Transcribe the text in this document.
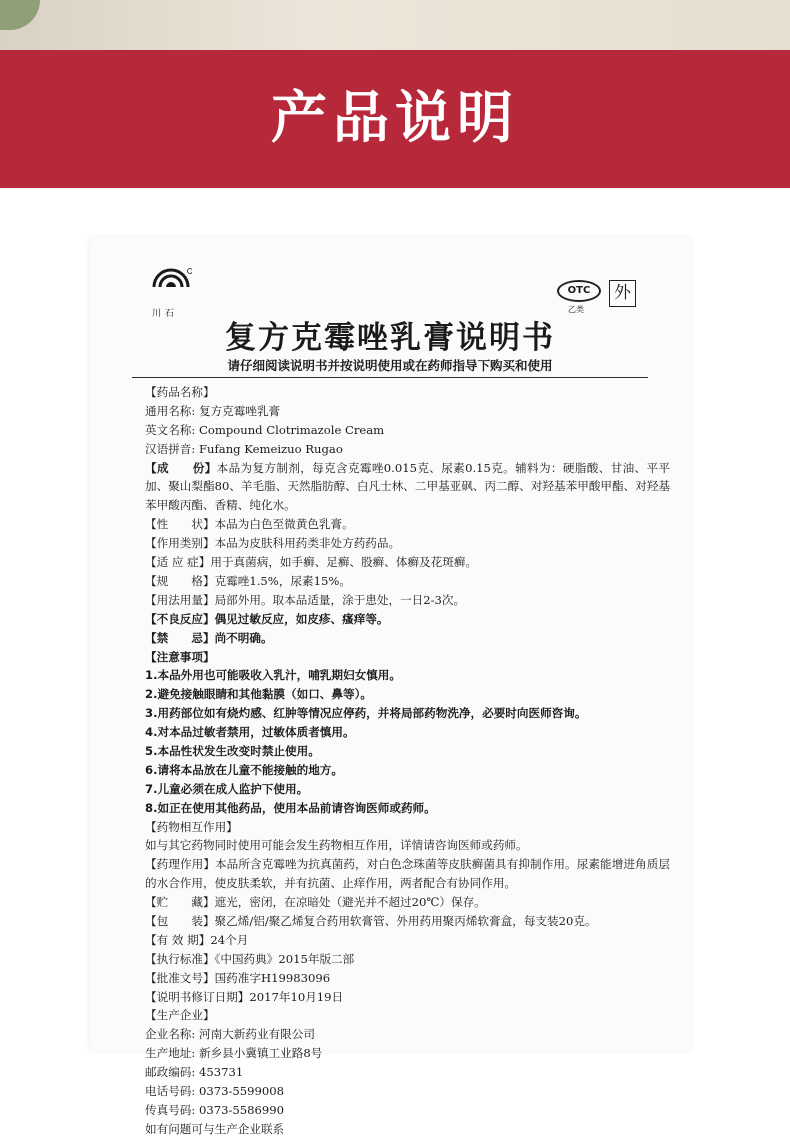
产品说明
川石
OTC
乙类
外
复方克霉唑乳膏说明书
请仔细阅读说明书并按说明使用或在药师指导下购买和使用
【药品名称】
通用名称: 复方克霉唑乳膏
英文名称: Compound Clotrimazole Cream
汉语拼音: Fufang Kemeizuo Rugao
【成　　份】本品为复方制剂，每克含克霉唑0.015克、尿素0.15克。辅料为：硬脂酸、甘油、平平加、聚山梨酯80、羊毛脂、天然脂肪醇、白凡士林、二甲基亚砜、丙二醇、对羟基苯甲酸甲酯、对羟基苯甲酸丙酯、香精、纯化水。
【性　　状】本品为白色至微黄色乳膏。
【作用类别】本品为皮肤科用药类非处方药药品。
【适 应 症】用于真菌病，如手癣、足癣、股癣、体癣及花斑癣。
【规　　格】克霉唑1.5%，尿素15%。
【用法用量】局部外用。取本品适量，涂于患处，一日2-3次。
【不良反应】偶见过敏反应，如皮疹、瘙痒等。
【禁　　忌】尚不明确。
【注意事项】
1.本品外用也可能吸收入乳汁，哺乳期妇女慎用。
2.避免接触眼睛和其他黏膜（如口、鼻等）。
3.用药部位如有烧灼感、红肿等情况应停药，并将局部药物洗净，必要时向医师咨询。
4.对本品过敏者禁用，过敏体质者慎用。
5.本品性状发生改变时禁止使用。
6.请将本品放在儿童不能接触的地方。
7.儿童必须在成人监护下使用。
8.如正在使用其他药品，使用本品前请咨询医师或药师。
【药物相互作用】
如与其它药物同时使用可能会发生药物相互作用，详情请咨询医师或药师。
【药理作用】本品所含克霉唑为抗真菌药，对白色念珠菌等皮肤癣菌具有抑制作用。尿素能增进角质层的水合作用，使皮肤柔软，并有抗菌、止痒作用，两者配合有协同作用。
【贮　　藏】遮光，密闭，在凉暗处（避光并不超过20℃）保存。
【包　　装】聚乙烯/铝/聚乙烯复合药用软膏管、外用药用聚丙烯软膏盒，每支装20克。
【有 效 期】24个月
【执行标准】《中国药典》2015年版二部
【批准文号】国药准字H19983096
【说明书修订日期】2017年10月19日
【生产企业】
企业名称: 河南大新药业有限公司
生产地址: 新乡县小冀镇工业路8号
邮政编码: 453731
电话号码: 0373-5599008
传真号码: 0373-5586990
如有问题可与生产企业联系
